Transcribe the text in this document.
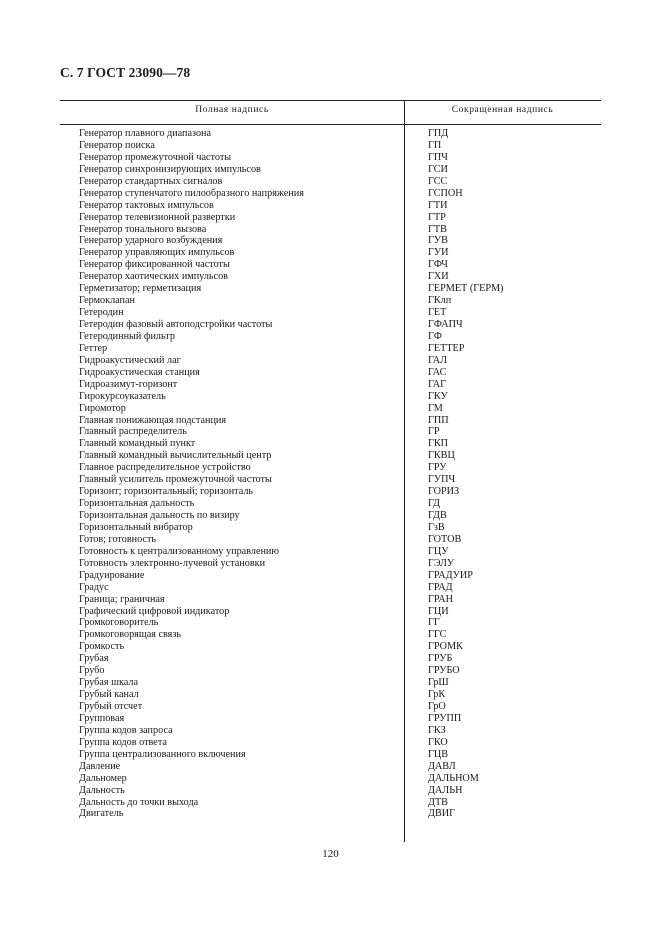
С. 7 ГОСТ 23090—78
Полная надпись	Сокращенная надпись
Генератор плавного диапазона	ГПД
Генератор поиска	ГП
Генератор промежуточной частоты	ГПЧ
Генератор синхронизирующих импульсов	ГСИ
Генератор стандартных сигналов	ГСС
Генератор ступенчатого пилообразного напряжения	ГСПОН
Генератор тактовых импульсов	ГТИ
Генератор телевизионной развертки	ГТР
Генератор тонального вызова	ГТВ
Генератор ударного возбуждения	ГУВ
Генератор управляющих импульсов	ГУИ
Генератор фиксированной частоты	ГФЧ
Генератор хаотических импульсов	ГХИ
Герметизатор; герметизация	ГЕРМЕТ (ГЕРМ)
Гермоклапан	ГКлп
Гетеродин	ГЕТ
Гетеродин фазовый автоподстройки частоты	ГФАПЧ
Гетеродинный фильтр	ГФ
Геттер	ГЕТТЕР
Гидроакустический лаг	ГАЛ
Гидроакустическая станция	ГАС
Гидроазимут-горизонт	ГАГ
Гирокурсоуказатель	ГКУ
Гиромотор	ГМ
Главная понижающая подстанция	ГПП
Главный распределитель	ГР
Главный командный пункт	ГКП
Главный командный вычислительный центр	ГКВЦ
Главное распределительное устройство	ГРУ
Главный усилитель промежуточной частоты	ГУПЧ
Горизонт; горизонтальный; горизонталь	ГОРИЗ
Горизонтальная дальность	ГД
Горизонтальная дальность по визиру	ГДВ
Горизонтальный вибратор	ГзВ
Готов; готовность	ГОТОВ
Готовность к централизованному управлению	ГЦУ
Готовность электронно-лучевой установки	ГЭЛУ
Градуирование	ГРАДУИР
Градус	ГРАД
Граница; граничная	ГРАН
Графический цифровой индикатор	ГЦИ
Громкоговоритель	ГГ
Громкоговорящая связь	ГГС
Громкость	ГРОМК
Грубая	ГРУБ
Грубо	ГРУБО
Грубая шкала	ГрШ
Грубый канал	ГрК
Грубый отсчет	ГрО
Групповая	ГРУПП
Группа кодов запроса	ГКЗ
Группа кодов ответа	ГКО
Группа централизованного включения	ГЦВ
Давление	ДАВЛ
Дальномер	ДАЛЬНОМ
Дальность	ДАЛЬН
Дальность до точки выхода	ДТВ
Двигатель	ДВИГ
120
